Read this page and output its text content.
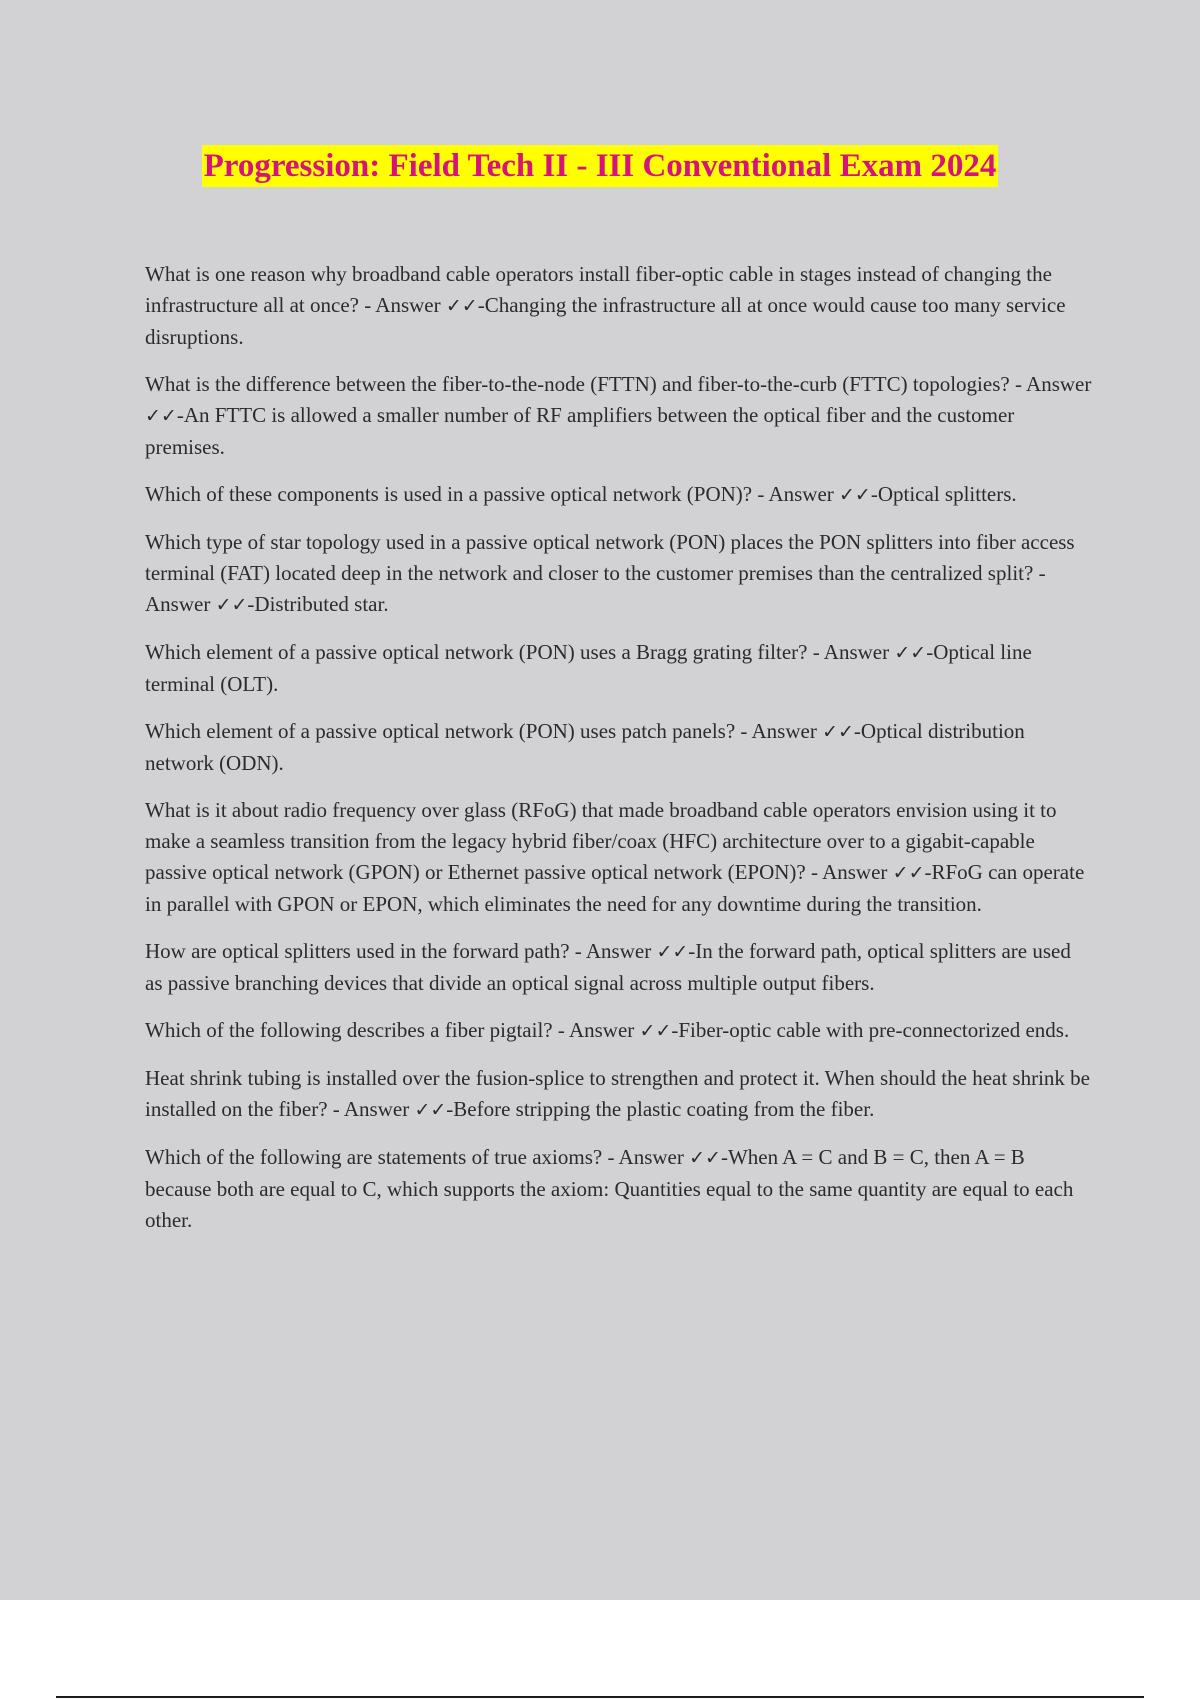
Progression: Field Tech II - III Conventional Exam 2024

What is one reason why broadband cable operators install fiber-optic cable in stages instead of changing the infrastructure all at once? - Answer ✓✓-Changing the infrastructure all at once would cause too many service disruptions.

What is the difference between the fiber-to-the-node (FTTN) and fiber-to-the-curb (FTTC) topologies? - Answer ✓✓-An FTTC is allowed a smaller number of RF amplifiers between the optical fiber and the customer premises.

Which of these components is used in a passive optical network (PON)? - Answer ✓✓-Optical splitters.

Which type of star topology used in a passive optical network (PON) places the PON splitters into fiber access terminal (FAT) located deep in the network and closer to the customer premises than the centralized split? - Answer ✓✓-Distributed star.

Which element of a passive optical network (PON) uses a Bragg grating filter? - Answer ✓✓-Optical line terminal (OLT).

Which element of a passive optical network (PON) uses patch panels? - Answer ✓✓-Optical distribution network (ODN).

What is it about radio frequency over glass (RFoG) that made broadband cable operators envision using it to make a seamless transition from the legacy hybrid fiber/coax (HFC) architecture over to a gigabit-capable passive optical network (GPON) or Ethernet passive optical network (EPON)? - Answer ✓✓-RFoG can operate in parallel with GPON or EPON, which eliminates the need for any downtime during the transition.

How are optical splitters used in the forward path? - Answer ✓✓-In the forward path, optical splitters are used as passive branching devices that divide an optical signal across multiple output fibers.

Which of the following describes a fiber pigtail? - Answer ✓✓-Fiber-optic cable with pre-connectorized ends.

Heat shrink tubing is installed over the fusion-splice to strengthen and protect it. When should the heat shrink be installed on the fiber? - Answer ✓✓-Before stripping the plastic coating from the fiber.

Which of the following are statements of true axioms? - Answer ✓✓-When A = C and B = C, then A = B because both are equal to C, which supports the axiom: Quantities equal to the same quantity are equal to each other.
